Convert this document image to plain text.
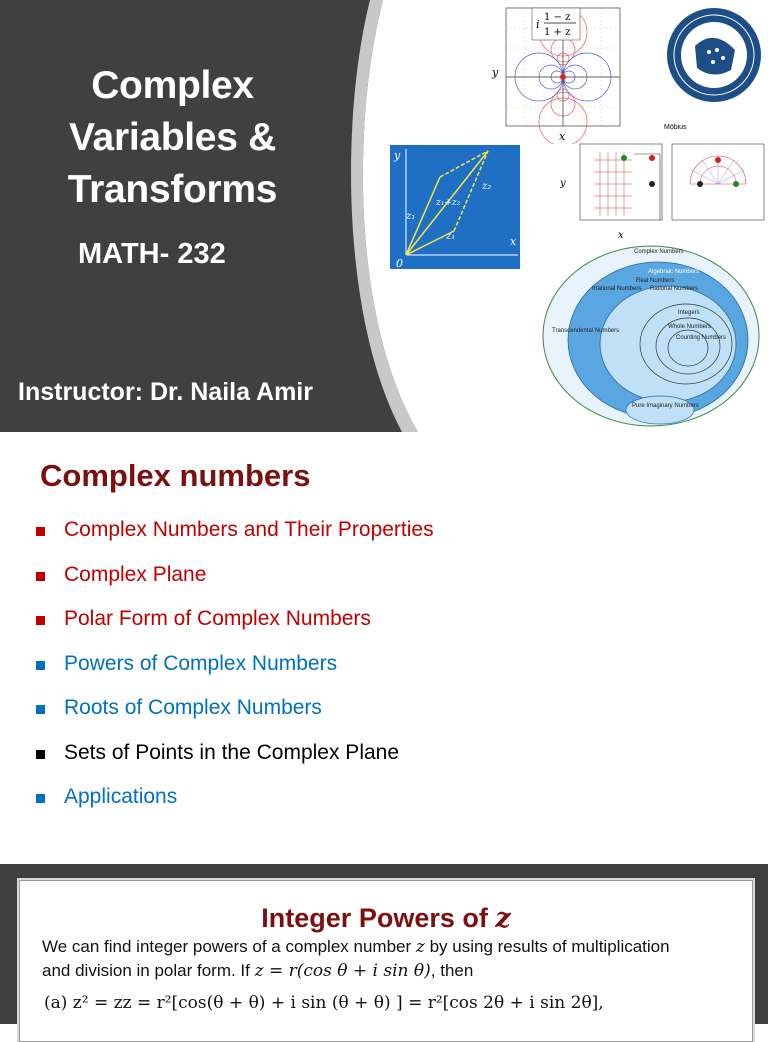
Complex
Variables &
Transforms
MATH- 232
Instructor: Dr. Naila Amir
i
1 − z
1 + z
y
x
y
z₂
z₁
z₁+z₂
z₁	x
0
Möbius
y
x
Complex Numbers
Algebraic Numbers
Real Numbers
Irrational Numbers Rational Numbers
Integers
Whole Numbers
Counting Numbers
Transcendental Numbers
Pure Imaginary Numbers
Complex numbers
Complex Numbers and Their Properties
Complex Plane
Polar Form of Complex Numbers
Powers of Complex Numbers
Roots of Complex Numbers
Sets of Points in the Complex Plane
Applications
Integer Powers of z
We can find integer powers of a complex number z by using results of multiplication
and division in polar form. If z = r(cos θ + i sin θ), then
(a) z² = zz = r²[cos(θ + θ) + i sin (θ + θ) ] = r²[cos 2θ + i sin 2θ],
